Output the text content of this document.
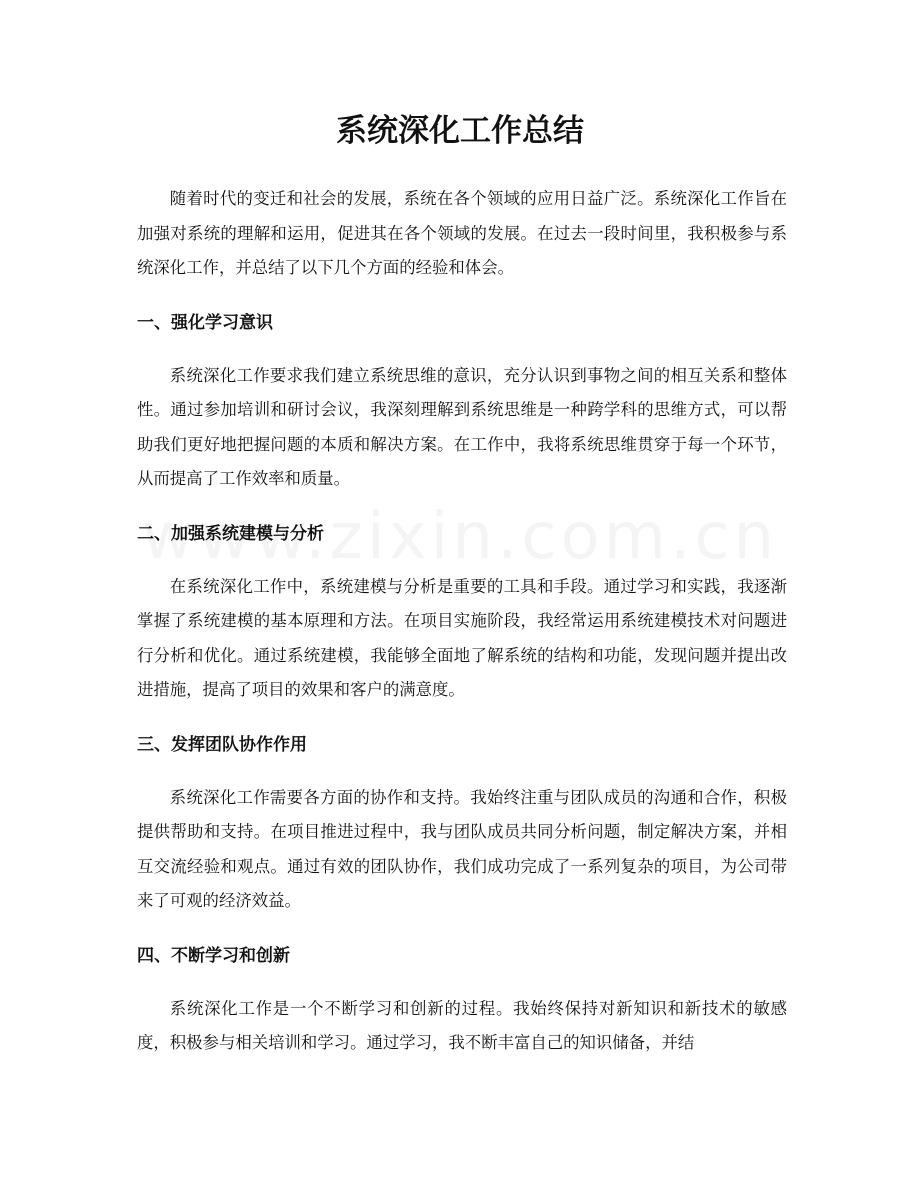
系统深化工作总结

随着时代的变迁和社会的发展，系统在各个领域的应用日益广泛。系统深化工作旨在加强对系统的理解和运用，促进其在各个领域的发展。在过去一段时间里，我积极参与系统深化工作，并总结了以下几个方面的经验和体会。

一、强化学习意识

系统深化工作要求我们建立系统思维的意识，充分认识到事物之间的相互关系和整体性。通过参加培训和研讨会议，我深刻理解到系统思维是一种跨学科的思维方式，可以帮助我们更好地把握问题的本质和解决方案。在工作中，我将系统思维贯穿于每一个环节，从而提高了工作效率和质量。

二、加强系统建模与分析

在系统深化工作中，系统建模与分析是重要的工具和手段。通过学习和实践，我逐渐掌握了系统建模的基本原理和方法。在项目实施阶段，我经常运用系统建模技术对问题进行分析和优化。通过系统建模，我能够全面地了解系统的结构和功能，发现问题并提出改进措施，提高了项目的效果和客户的满意度。

三、发挥团队协作作用

系统深化工作需要各方面的协作和支持。我始终注重与团队成员的沟通和合作，积极提供帮助和支持。在项目推进过程中，我与团队成员共同分析问题，制定解决方案，并相互交流经验和观点。通过有效的团队协作，我们成功完成了一系列复杂的项目，为公司带来了可观的经济效益。

四、不断学习和创新

系统深化工作是一个不断学习和创新的过程。我始终保持对新知识和新技术的敏感度，积极参与相关培训和学习。通过学习，我不断丰富自己的知识储备，并结
